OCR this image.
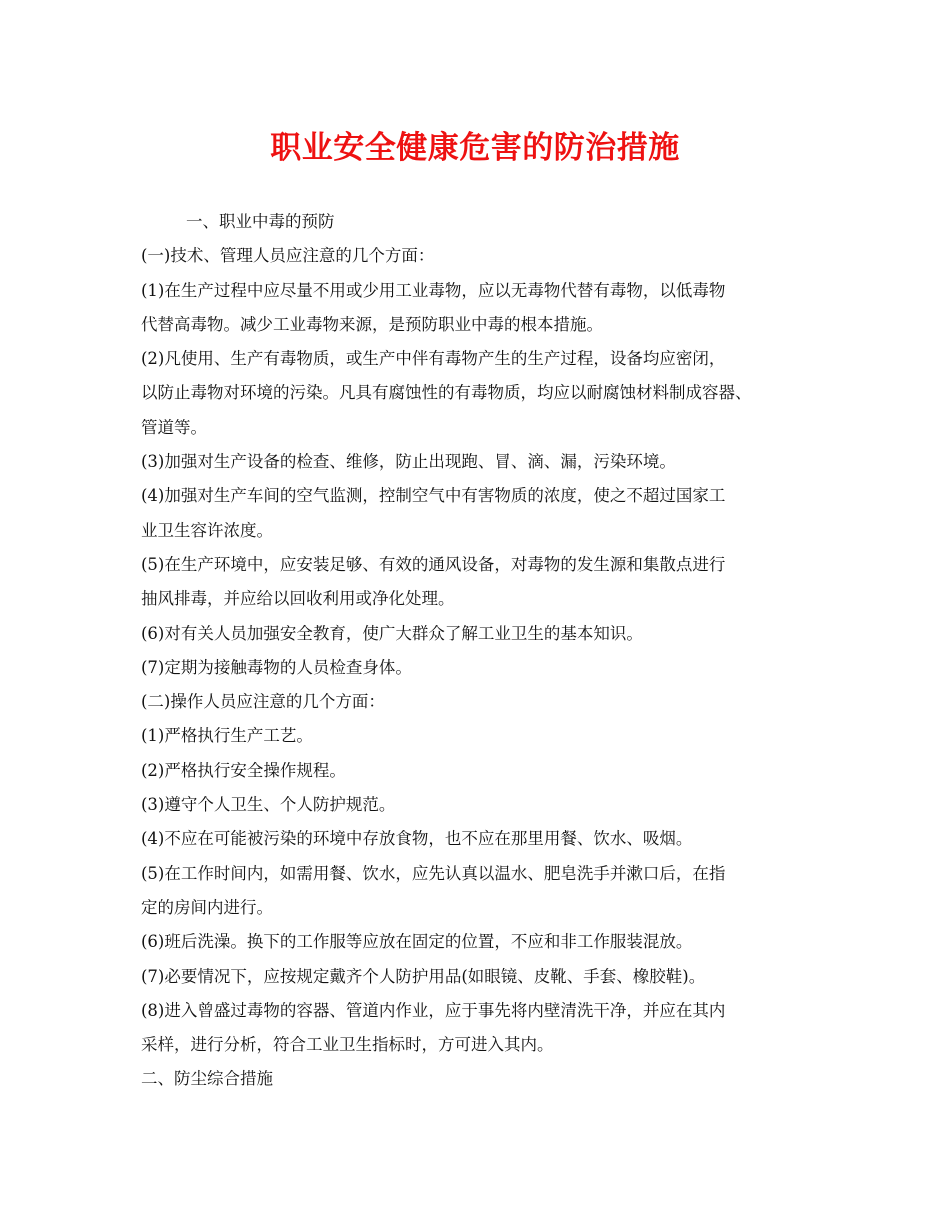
职业安全健康危害的防治措施
一、职业中毒的预防
(一)技术、管理人员应注意的几个方面：
(1)在生产过程中应尽量不用或少用工业毒物，应以无毒物代替有毒物，以低毒物
代替高毒物。减少工业毒物来源，是预防职业中毒的根本措施。
(2)凡使用、生产有毒物质，或生产中伴有毒物产生的生产过程，设备均应密闭，
以防止毒物对环境的污染。凡具有腐蚀性的有毒物质，均应以耐腐蚀材料制成容器、
管道等。
(3)加强对生产设备的检查、维修，防止出现跑、冒、滴、漏，污染环境。
(4)加强对生产车间的空气监测，控制空气中有害物质的浓度，使之不超过国家工
业卫生容许浓度。
(5)在生产环境中，应安装足够、有效的通风设备，对毒物的发生源和集散点进行
抽风排毒，并应给以回收利用或净化处理。
(6)对有关人员加强安全教育，使广大群众了解工业卫生的基本知识。
(7)定期为接触毒物的人员检查身体。
(二)操作人员应注意的几个方面：
(1)严格执行生产工艺。
(2)严格执行安全操作规程。
(3)遵守个人卫生、个人防护规范。
(4)不应在可能被污染的环境中存放食物，也不应在那里用餐、饮水、吸烟。
(5)在工作时间内，如需用餐、饮水，应先认真以温水、肥皂洗手并漱口后，在指
定的房间内进行。
(6)班后洗澡。换下的工作服等应放在固定的位置，不应和非工作服装混放。
(7)必要情况下，应按规定戴齐个人防护用品(如眼镜、皮靴、手套、橡胶鞋)。
(8)进入曾盛过毒物的容器、管道内作业，应于事先将内壁清洗干净，并应在其内
采样，进行分析，符合工业卫生指标时，方可进入其内。
二、防尘综合措施
